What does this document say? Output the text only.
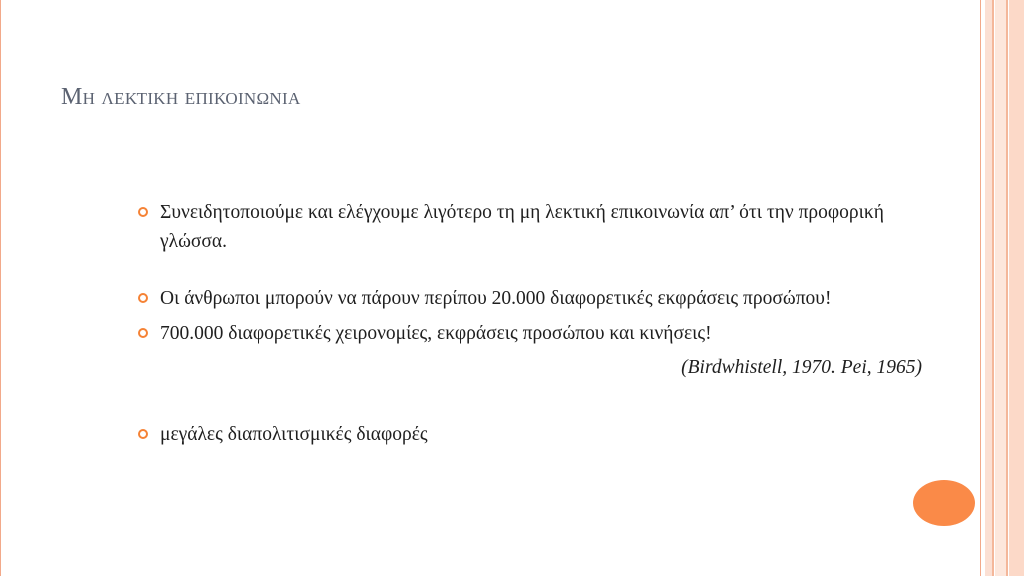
Μη λεκτικη επικοινωνια
Συνειδητοποιούμε και ελέγχουμε λιγότερο τη μη λεκτική επικοινωνία απ’ ότι την προφορική γλώσσα.
Οι άνθρωποι μπορούν να πάρουν περίπου 20.000 διαφορετικές εκφράσεις προσώπου!
700.000 διαφορετικές χειρονομίες, εκφράσεις προσώπου και κινήσεις!
(Birdwhistell, 1970. Pei, 1965)
μεγάλες διαπολιτισμικές διαφορές
